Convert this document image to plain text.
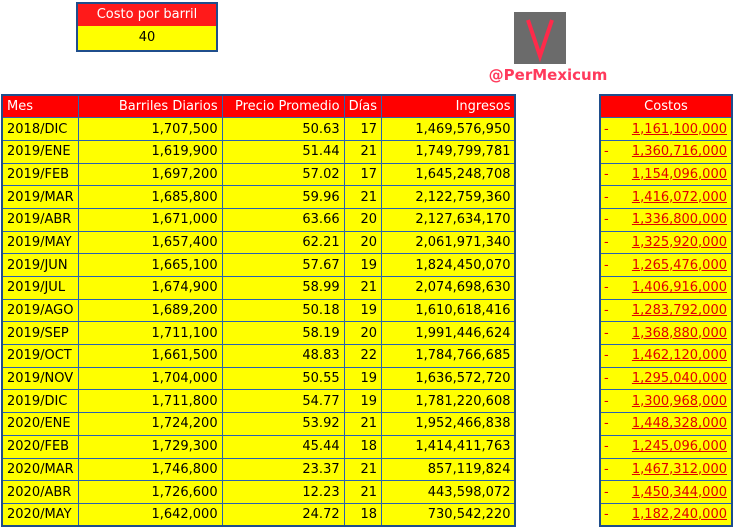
Costo por barril
40
@PerMexicum
Mes	Barriles Diarios	Precio Promedio	Días	Ingresos
2018/DIC	1,707,500	50.63	17	1,469,576,950
2019/ENE	1,619,900	51.44	21	1,749,799,781
2019/FEB	1,697,200	57.02	17	1,645,248,708
2019/MAR	1,685,800	59.96	21	2,122,759,360
2019/ABR	1,671,000	63.66	20	2,127,634,170
2019/MAY	1,657,400	62.21	20	2,061,971,340
2019/JUN	1,665,100	57.67	19	1,824,450,070
2019/JUL	1,674,900	58.99	21	2,074,698,630
2019/AGO	1,689,200	50.18	19	1,610,618,416
2019/SEP	1,711,100	58.19	20	1,991,446,624
2019/OCT	1,661,500	48.83	22	1,784,766,685
2019/NOV	1,704,000	50.55	19	1,636,572,720
2019/DIC	1,711,800	54.77	19	1,781,220,608
2020/ENE	1,724,200	53.92	21	1,952,466,838
2020/FEB	1,729,300	45.44	18	1,414,411,763
2020/MAR	1,746,800	23.37	21	857,119,824
2020/ABR	1,726,600	12.23	21	443,598,072
2020/MAY	1,642,000	24.72	18	730,542,220
Costos

- 1,161,100,000

- 1,360,716,000

- 1,154,096,000

- 1,416,072,000

- 1,336,800,000

- 1,325,920,000

- 1,265,476,000

- 1,406,916,000

- 1,283,792,000

- 1,368,880,000

- 1,462,120,000

- 1,295,040,000

- 1,300,968,000

- 1,448,328,000

- 1,245,096,000

- 1,467,312,000

- 1,450,344,000

- 1,182,240,000
